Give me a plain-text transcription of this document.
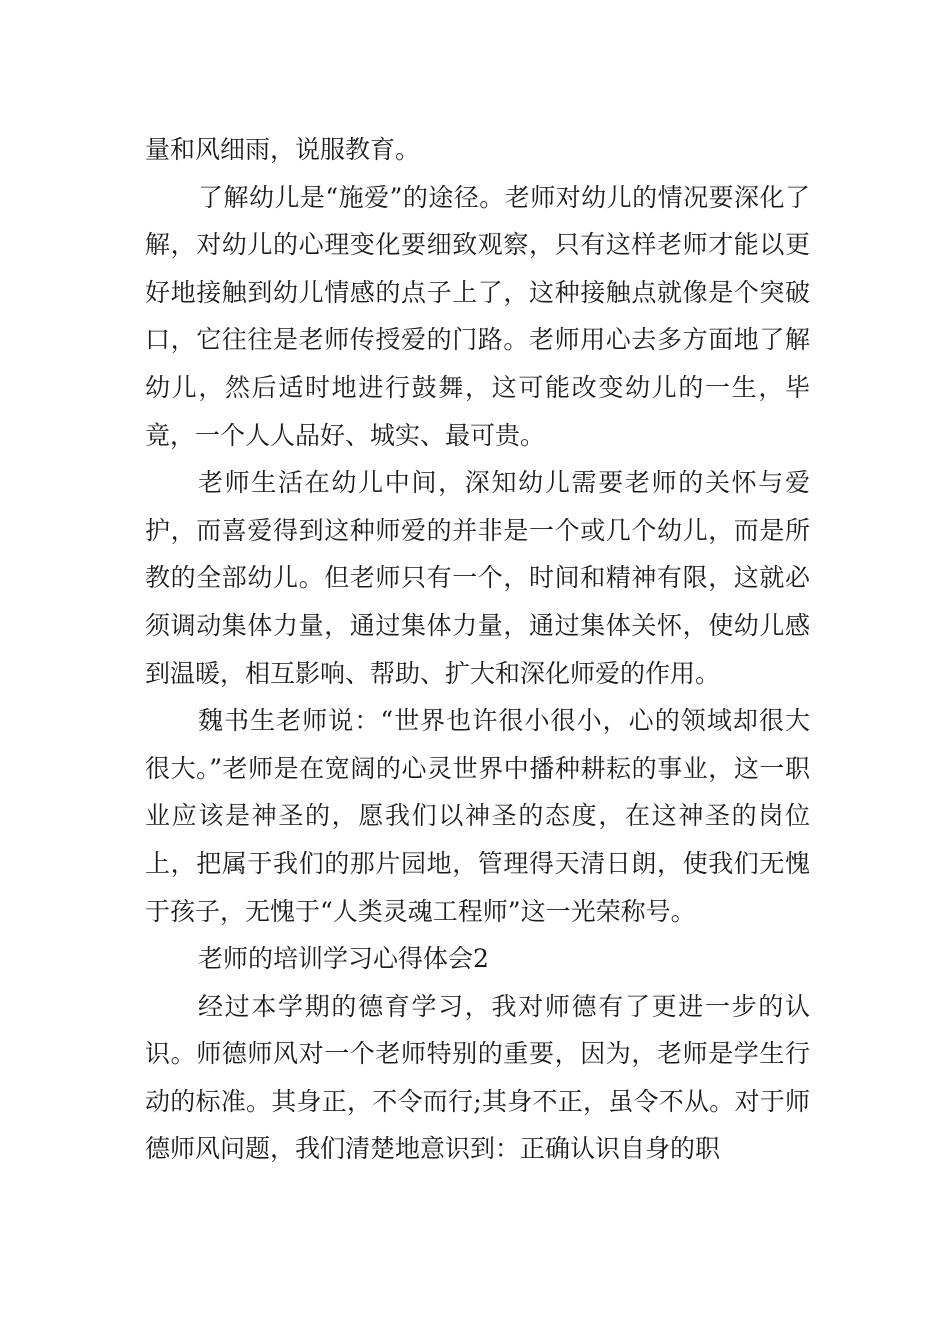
量和风细雨，说服教育。

了解幼儿是“施爱”的途径。老师对幼儿的情况要深化了解，对幼儿的心理变化要细致观察，只有这样老师才能以更好地接触到幼儿情感的点子上了，这种接触点就像是个突破口，它往往是老师传授爱的门路。老师用心去多方面地了解幼儿，然后适时地进行鼓舞，这可能改变幼儿的一生，毕竟，一个人人品好、城实、最可贵。

老师生活在幼儿中间，深知幼儿需要老师的关怀与爱护，而喜爱得到这种师爱的并非是一个或几个幼儿，而是所教的全部幼儿。但老师只有一个，时间和精神有限，这就必须调动集体力量，通过集体力量，通过集体关怀，使幼儿感到温暖，相互影响、帮助、扩大和深化师爱的作用。

魏书生老师说：“世界也许很小很小，心的领域却很大很大。”老师是在宽阔的心灵世界中播种耕耘的事业，这一职业应该是神圣的，愿我们以神圣的态度，在这神圣的岗位上，把属于我们的那片园地，管理得天清日朗，使我们无愧于孩子，无愧于“人类灵魂工程师”这一光荣称号。

老师的培训学习心得体会2

经过本学期的德育学习，我对师德有了更进一步的认识。师德师风对一个老师特别的重要，因为，老师是学生行动的标准。其身正，不令而行;其身不正，虽令不从。对于师德师风问题，我们清楚地意识到：正确认识自身的职
